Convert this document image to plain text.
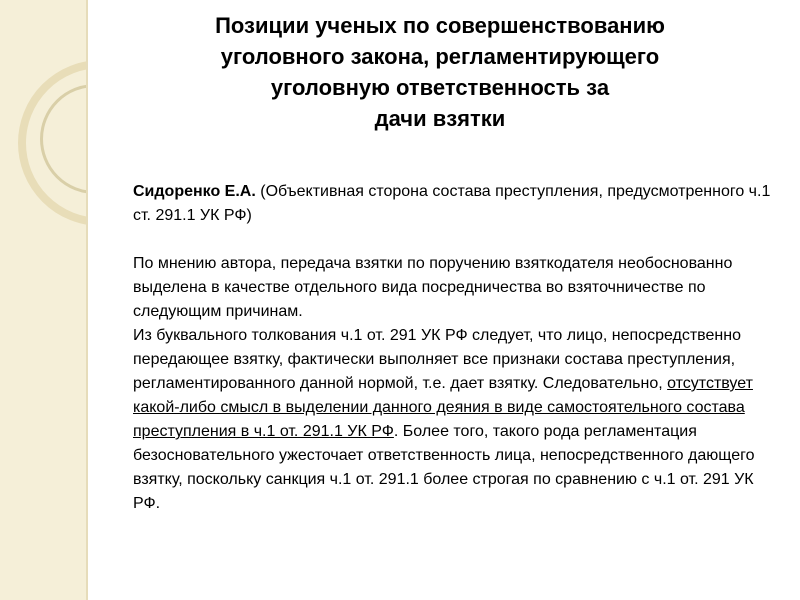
Позиции ученых по совершенствованию
уголовного закона, регламентирующего
уголовную ответственность за
дачи взятки

Сидоренко Е.А. (Объективная сторона состава преступления, предусмотренного ч.1 ст. 291.1 УК РФ)

По мнению автора, передача взятки по поручению взяткодателя необоснованно выделена в качестве отдельного вида посредничества во взяточничестве по следующим причинам.

Из буквального толкования ч.1 от. 291 УК РФ следует, что лицо, непосредственно передающее взятку, фактически выполняет все признаки состава преступления, регламентированного данной нормой, т.е. дает взятку. Следовательно, отсутствует какой-либо смысл в выделении данного деяния в виде самостоятельного состава преступления в ч.1 от. 291.1 УК РФ. Более того, такого рода регламентация безосновательного ужесточает ответственность лица, непосредственного дающего взятку, поскольку санкция ч.1 от. 291.1 более строгая по сравнению с ч.1 от. 291 УК РФ.
